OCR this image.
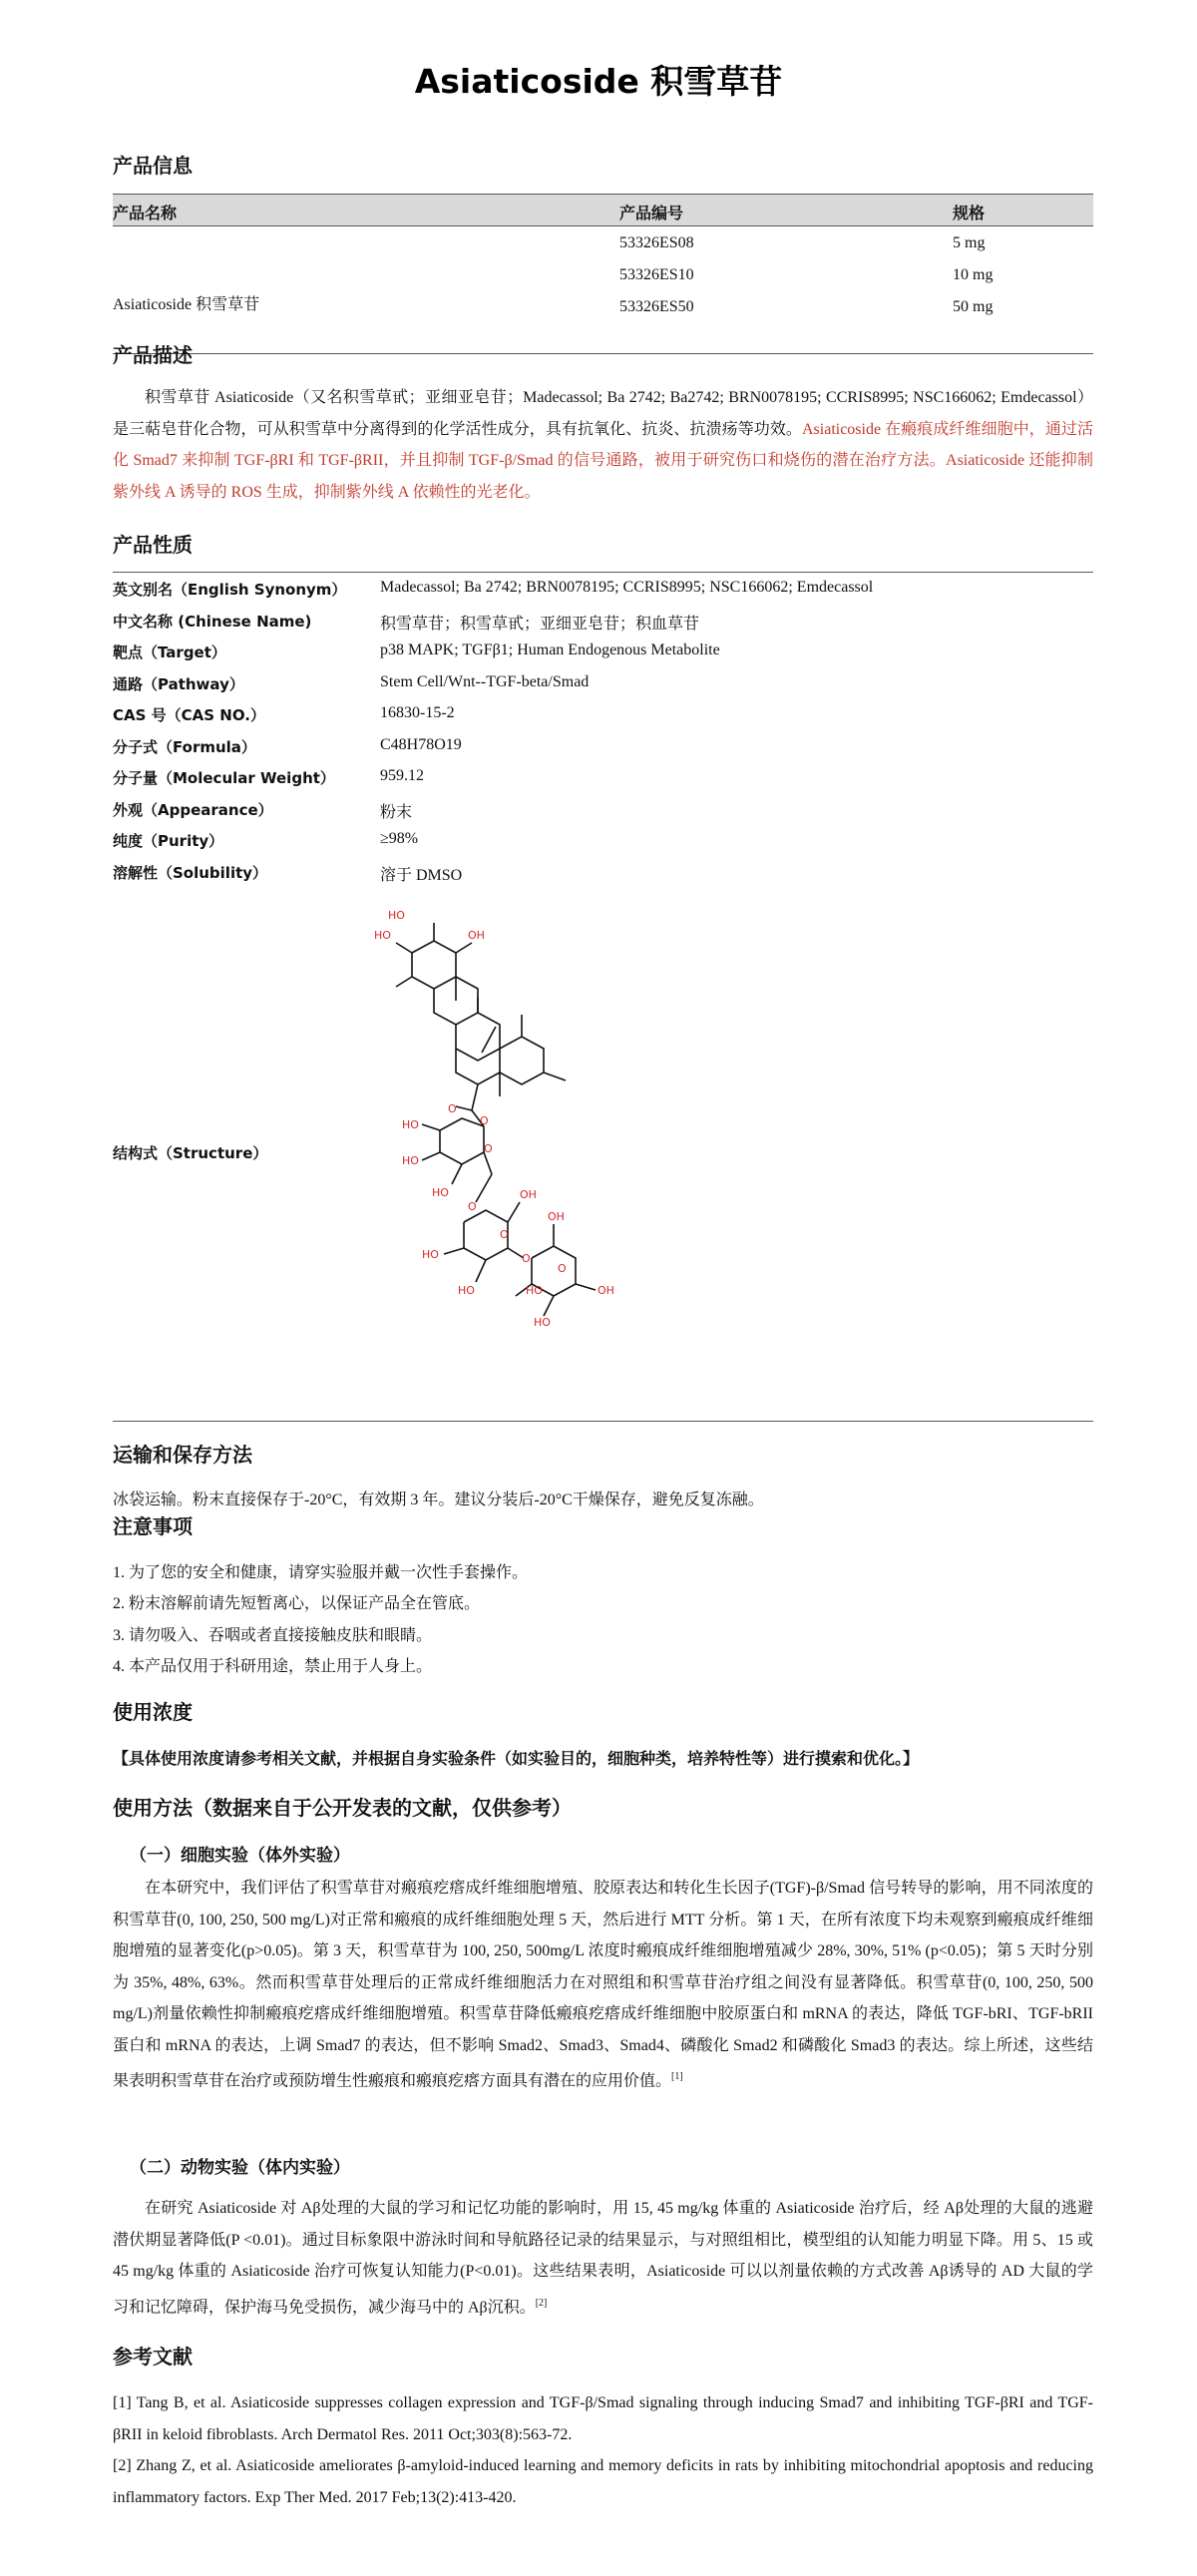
Asiaticoside 积雪草苷
产品信息
产品名称	产品编号	规格
Asiaticoside 积雪草苷
53326ES08	5 mg
53326ES10	10 mg
53326ES50	50 mg
产品描述
积雪草苷 Asiaticoside（又名积雪草甙；亚细亚皂苷；Madecassol; Ba 2742; Ba2742; BRN0078195; CCRIS8995; NSC166062; Emdecassol）是三萜皂苷化合物，可从积雪草中分离得到的化学活性成分，具有抗氧化、抗炎、抗溃疡等功效。Asiaticoside 在瘢痕成纤维细胞中，通过活化 Smad7 来抑制 TGF-βRI 和 TGF-βRII，并且抑制 TGF-β/Smad 的信号通路，被用于研究伤口和烧伤的潜在治疗方法。Asiaticoside 还能抑制紫外线 A 诱导的 ROS 生成，抑制紫外线 A 依赖性的光老化。
产品性质
英文别名（English Synonym） Madecassol; Ba 2742; BRN0078195; CCRIS8995; NSC166062; Emdecassol
中文名称 (Chinese Name)	积雪草苷；积雪草甙；亚细亚皂苷；积血草苷
靶点（Target）	p38 MAPK; TGFβ1; Human Endogenous Metabolite
通路（Pathway）	Stem Cell/Wnt--TGF-beta/Smad
CAS 号（CAS NO.）	16830-15-2
分子式（Formula）	C48H78O19
分子量（Molecular Weight）	959.12
外观（Appearance）	粉末
纯度（Purity）	≥98%
溶解性（Solubility）	溶于 DMSO
结构式（Structure）
HO
HO	OH
O
O
HO
HO
HO
O
O
O
HO
HO
OH
HO
O
OH
HO
OH
O
运输和保存方法
冰袋运输。粉末直接保存于-20°C，有效期 3 年。建议分装后-20°C干燥保存，避免反复冻融。
注意事项
1. 为了您的安全和健康，请穿实验服并戴一次性手套操作。
2. 粉末溶解前请先短暂离心，以保证产品全在管底。
3. 请勿吸入、吞咽或者直接接触皮肤和眼睛。
4. 本产品仅用于科研用途，禁止用于人身上。
使用浓度
【具体使用浓度请参考相关文献，并根据自身实验条件（如实验目的，细胞种类，培养特性等）进行摸索和优化。】
使用方法（数据来自于公开发表的文献，仅供参考）
（一）细胞实验（体外实验）
在本研究中，我们评估了积雪草苷对瘢痕疙瘩成纤维细胞增殖、胶原表达和转化生长因子(TGF)-β/Smad 信号转导的影响，用不同浓度的积雪草苷(0, 100, 250, 500 mg/L)对正常和瘢痕的成纤维细胞处理 5 天，然后进行 MTT 分析。第 1 天，在所有浓度下均未观察到瘢痕成纤维细胞增殖的显著变化(p>0.05)。第 3 天，积雪草苷为 100, 250, 500mg/L 浓度时瘢痕成纤维细胞增殖减少 28%, 30%, 51% (p<0.05)；第 5 天时分别为 35%, 48%, 63%。然而积雪草苷处理后的正常成纤维细胞活力在对照组和积雪草苷治疗组之间没有显著降低。积雪草苷(0, 100, 250, 500 mg/L)剂量依赖性抑制瘢痕疙瘩成纤维细胞增殖。积雪草苷降低瘢痕疙瘩成纤维细胞中胶原蛋白和 mRNA 的表达，降低 TGF-bRI、TGF-bRII 蛋白和 mRNA 的表达，上调 Smad7 的表达，但不影响 Smad2、Smad3、Smad4、磷酸化 Smad2 和磷酸化 Smad3 的表达。综上所述，这些结果表明积雪草苷在治疗或预防增生性瘢痕和瘢痕疙瘩方面具有潜在的应用价值。[1]
（二）动物实验（体内实验）
在研究 Asiaticoside 对 Aβ处理的大鼠的学习和记忆功能的影响时，用 15, 45 mg/kg 体重的 Asiaticoside 治疗后，经 Aβ处理的大鼠的逃避潜伏期显著降低(P <0.01)。通过目标象限中游泳时间和导航路径记录的结果显示，与对照组相比，模型组的认知能力明显下降。用 5、15 或 45 mg/kg 体重的 Asiaticoside 治疗可恢复认知能力(P<0.01)。这些结果表明，Asiaticoside 可以以剂量依赖的方式改善 Aβ诱导的 AD 大鼠的学习和记忆障碍，保护海马免受损伤，减少海马中的 Aβ沉积。[2]
参考文献
[1] Tang B, et al. Asiaticoside suppresses collagen expression and TGF-β/Smad signaling through inducing Smad7 and inhibiting TGF-βRI and TGF-βRII in keloid fibroblasts. Arch Dermatol Res. 2011 Oct;303(8):563-72.
[2] Zhang Z, et al. Asiaticoside ameliorates β-amyloid-induced learning and memory deficits in rats by inhibiting mitochondrial apoptosis and reducing inflammatory factors. Exp Ther Med. 2017 Feb;13(2):413-420.
